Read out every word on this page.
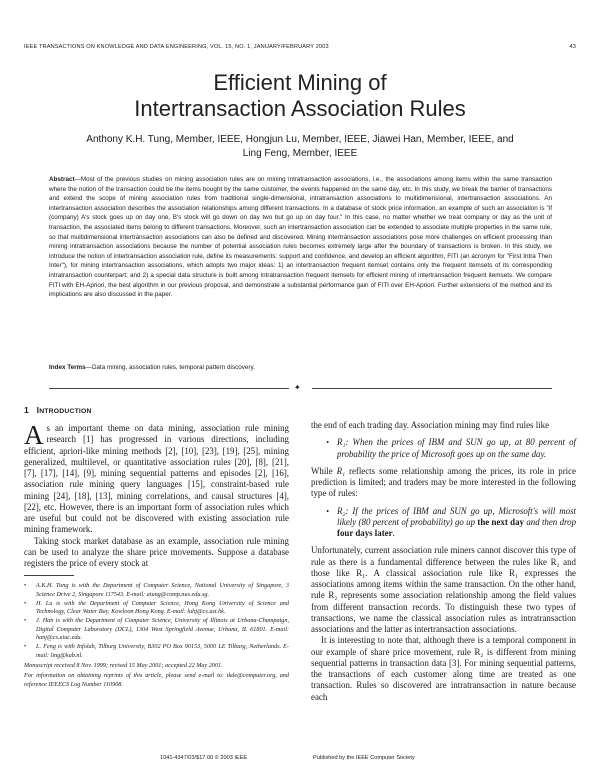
IEEE TRANSACTIONS ON KNOWLEDGE AND DATA ENGINEERING, VOL. 15, NO. 1, JANUARY/FEBRUARY 2003	43
Efficient Mining of
Intertransaction Association Rules
Anthony K.H. Tung, Member, IEEE, Hongjun Lu, Member, IEEE, Jiawei Han, Member, IEEE, and
Ling Feng, Member, IEEE
Abstract—Most of the previous studies on mining association rules are on mining intratransaction associations, i.e., the associations among items within the same transaction where the notion of the transaction could be the items bought by the same customer, the events happened on the same day, etc. In this study, we break the barrier of transactions and extend the scope of mining association rules from traditional single-dimensional, intratransaction associations to multidimensional, intertransaction associations. An intertransaction association describes the association relationships among different transactions. In a database of stock price information, an example of such an association is "if (company) A's stock goes up on day one, B's stock will go down on day two but go up on day four." In this case, no matter whether we treat company or day as the unit of transaction, the associated items belong to different transactions. Moreover, such an intertransaction association can be extended to associate multiple properties in the same rule, so that multidimensional intertransaction associations can also be defined and discovered. Mining intertransaction associations pose more challenges on efficient processing than mining intratransaction associations because the number of potential association rules becomes extremely large after the boundary of transactions is broken. In this study, we introduce the notion of intertransaction association rule, define its measurements: support and confidence, and develop an efficient algorithm, FITI (an acronym for "First Intra Then Inter"), for mining intertransaction associations, which adopts two major ideas: 1) an intertransaction frequent itemset contains only the frequent itemsets of its corresponding intratransaction counterpart; and 2) a special data structure is built among intratransaction frequent itemsets for efficient mining of intertransaction frequent itemsets. We compare FITI with EH-Apriori, the best algorithm in our previous proposal, and demonstrate a substantial performance gain of FITI over EH-Apriori. Further extensions of the method and its implications are also discussed in the paper.
Index Terms—Data mining, association rules, temporal pattern discovery.
✦
1 INTRODUCTION

As an important theme on data mining, association rule mining research [1] has progressed in various directions, including efficient, apriori-like mining methods [2], [10], [23], [19], [25], mining generalized, multilevel, or quantitative association rules [20], [8], [21], [7], [17], [14], [9], mining sequential patterns and episodes [2], [16], association rule mining query languages [15], constraint-based rule mining [24], [18], [13], mining correlations, and causal structures [4], [22], etc. However, there is an important form of association rules which are useful but could not be discovered with existing association rule mining framework.

Taking stock market database as an example, association rule mining can be used to analyze the share price movements. Suppose a database registers the price of every stock at

•	A.K.H. Tung is with the Department of Computer Science, National University of Singapore, 3 Science Drive 2, Singapore 117543. E-mail: atung@comp.nus.edu.sg.
•	H. Lu is with the Department of Computer Science, Hong Kong University of Science and Technology, Clear Water Bay, Kowloon Hong Kong. E-mail: luhj@cs.ust.hk.
•	J. Han is with the Department of Computer Science, University of Illinois at Urbana-Champaign, Digital Computer Laboratory (DCL), 1304 West Springfield Avenue, Urbana, IL 61801. E-mail: hanj@cs.uiuc.edu.
•	L. Feng is with Infolab, Tilburg University, B302 PO Box 90153, 5000 LE Tilburg, Netherlands. E-mail: ling@kub.nl.

Manuscript received 8 Nov. 1999; revised 15 May 2001; accepted 22 May 2001.

For information on obtaining reprints of this article, please send e-mail to: tkde@computer.org, and reference IEEECS Log Number 110908.

the end of each trading day. Association mining may find rules like

• R₁: When the prices of IBM and SUN go up, at 80 percent of probability the price of Microsoft goes up on the same day.

While R₁ reflects some relationship among the prices, its role in price prediction is limited; and traders may be more interested in the following type of rules:

• R₂: If the prices of IBM and SUN go up, Microsoft's will most likely (80 percent of probability) go up the next day and then drop four days later.

Unfortunately, current association rule miners cannot discover this type of rule as there is a fundamental difference between the rules like R₂ and those like R₁. A classical association rule like R₁ expresses the associations among items within the same transaction. On the other hand, rule R₂ represents some association relationship among the field values from different transaction records. To distinguish these two types of transactions, we name the classical association rules as intratransaction associations and the latter as intertransaction associations.

It is interesting to note that, although there is a temporal component in our example of share price movement, rule R₂ is different from mining sequential patterns in transaction data [3]. For mining sequential patterns, the transactions of each customer along time are treated as one transaction. Rules so discovered are intratransaction in nature because each

1041-4347/03/$17.00 © 2003 IEEE	Published by the IEEE Computer Society
